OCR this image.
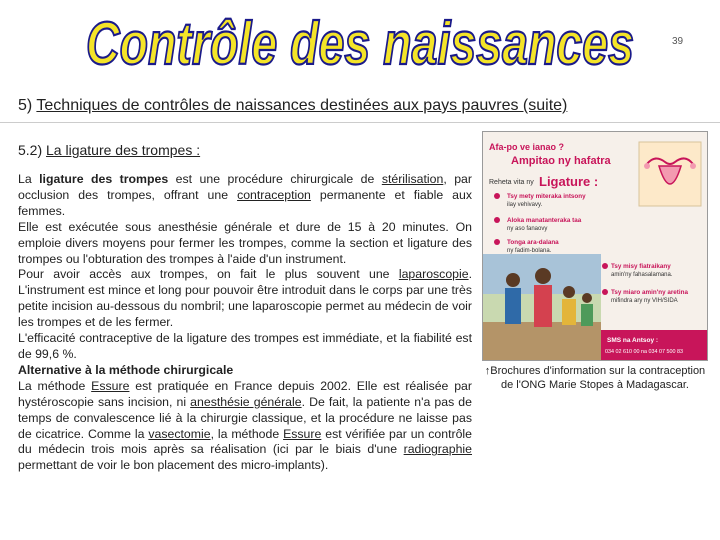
Contrôle des naissances	39
5) Techniques de contrôles de naissances destinées aux pays pauvres (suite)
5.2) La ligature des trompes :
La ligature des trompes est une procédure chirurgicale de stérilisation, par occlusion des trompes, offrant une contraception permanente et fiable aux femmes.
Elle est exécutée sous anesthésie générale et dure de 15 à 20 minutes. On emploie divers moyens pour fermer les trompes, comme la section et ligature des trompes ou l'obturation des trompes à l'aide d'un instrument.
Pour avoir accès aux trompes, on fait le plus souvent une laparoscopie. L'instrument est mince et long pour pouvoir être introduit dans le corps par une très petite incision au-dessous du nombril; une laparoscopie permet au médecin de voir les trompes et de les fermer.
L'efficacité contraceptive de la ligature des trompes est immédiate, et la fiabilité est de 99,6 %.
Alternative à la méthode chirurgicale
La méthode Essure est pratiquée en France depuis 2002. Elle est réalisée par hystéroscopie sans incision, ni anesthésie générale. De fait, la patiente n'a pas de temps de convalescence lié à la chirurgie classique, et la procédure ne laisse pas de cicatrice. Comme la vasectomie, la méthode Essure est vérifiée par un contrôle du médecin trois mois après sa réalisation (ici par le biais d'une radiographie permettant de voir le bon placement des micro-implants).
Afa-po ve ianao ?
Ampitao ny hafatra
Reheta vita ny Ligature :
Tsy mety miteraka intsony
ilay vehivavy.
Aloka manatanteraka taa
ny aso fanaovy
Tonga ara-dalana
ny fadim-bolana.
Tsy misy fiatraikany
amin'ny fahasalamana.
Tsy miaro amin'ny aretina
mifindra ary ny VIH/SIDA
SMS na Antsoy :
034 02 610 00 na 034 07 500 83
↑Brochures d'information sur la contraception de l'ONG Marie Stopes à Madagascar.
